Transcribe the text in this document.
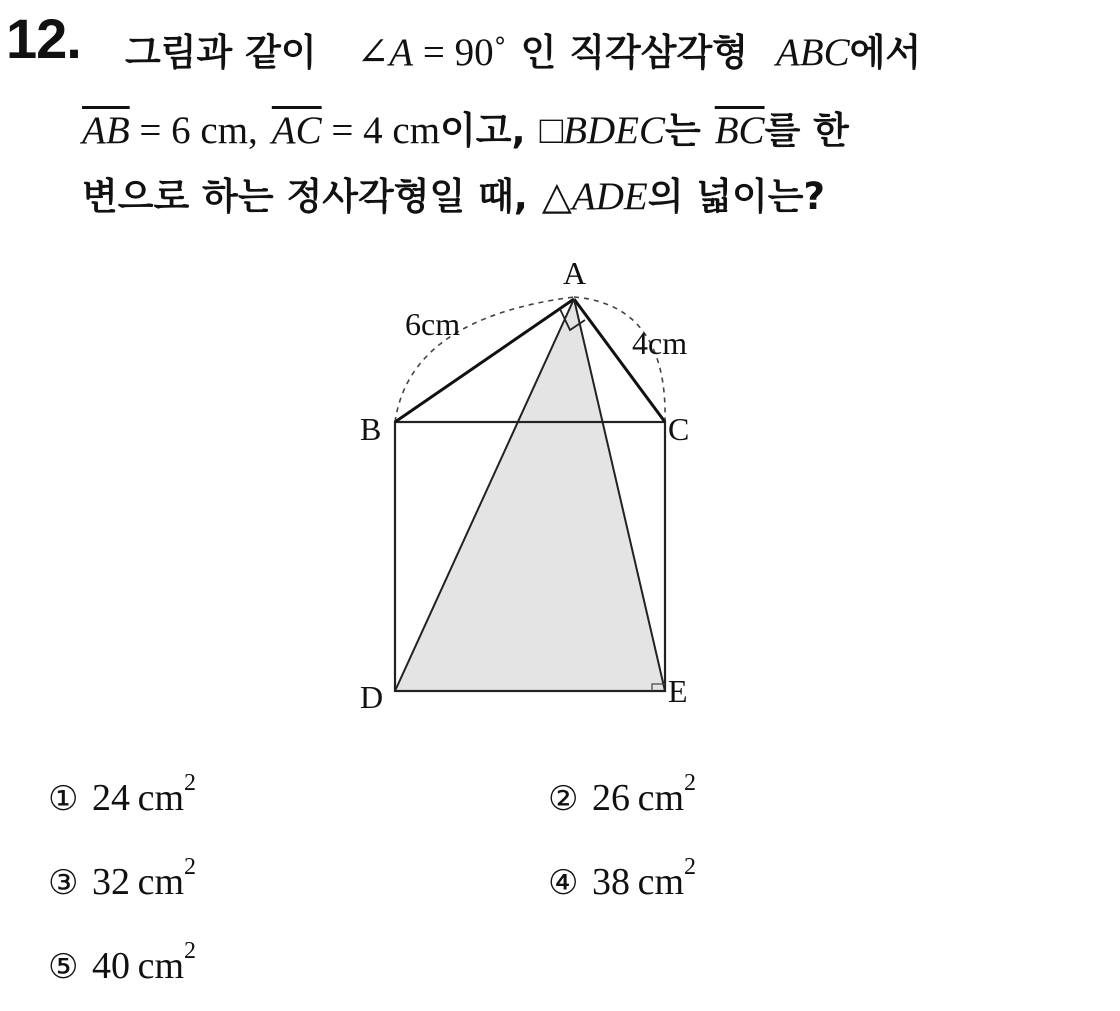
12. 그림과 같이 ∠A = 90˚ 인 직각삼각형 ABC에서
$\overline{AB} = 6$ cm, $\overline{AC} = 4$ cm이고, □BDEC는 $\overline{BC}$를 한
변으로 하는 정사각형일 때, △ADE의 넓이는?
A
B	C
D	E
6cm
4cm
① 24  $cm^2$	② 26  $cm^2$
③ 32  $cm^2$	④ 38  $cm^2$
⑤ 40  $cm^2$
